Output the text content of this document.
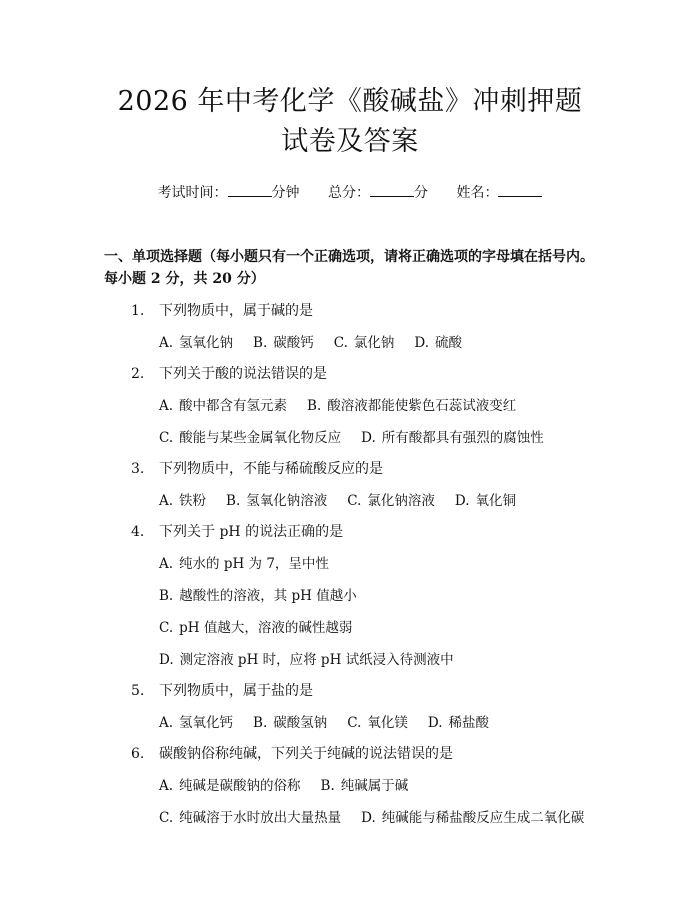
2026 年中考化学《酸碱盐》冲刺押题试卷及答案
考试时间：	分钟 总分：	分 姓名：
一、单项选择题（每小题只有一个正确选项，请将正确选项的字母填在括号内。每小题 2 分，共 20 分）
1. 下列物质中，属于碱的是
A. 氢氧化钠 B. 碳酸钙 C. 氯化钠 D. 硫酸
2. 下列关于酸的说法错误的是
A. 酸中都含有氢元素 B. 酸溶液都能使紫色石蕊试液变红
C. 酸能与某些金属氧化物反应 D. 所有酸都具有强烈的腐蚀性
3. 下列物质中，不能与稀硫酸反应的是
A. 铁粉 B. 氢氧化钠溶液 C. 氯化钠溶液 D. 氧化铜
4. 下列关于 pH 的说法正确的是
A. 纯水的 pH 为 7，呈中性
B. 越酸性的溶液，其 pH 值越小
C. pH 值越大，溶液的碱性越弱
D. 测定溶液 pH 时，应将 pH 试纸浸入待测液中
5. 下列物质中，属于盐的是
A. 氢氧化钙 B. 碳酸氢钠 C. 氧化镁 D. 稀盐酸
6. 碳酸钠俗称纯碱，下列关于纯碱的说法错误的是
A. 纯碱是碳酸钠的俗称 B. 纯碱属于碱
C. 纯碱溶于水时放出大量热量 D. 纯碱能与稀盐酸反应生成二氧化碳
